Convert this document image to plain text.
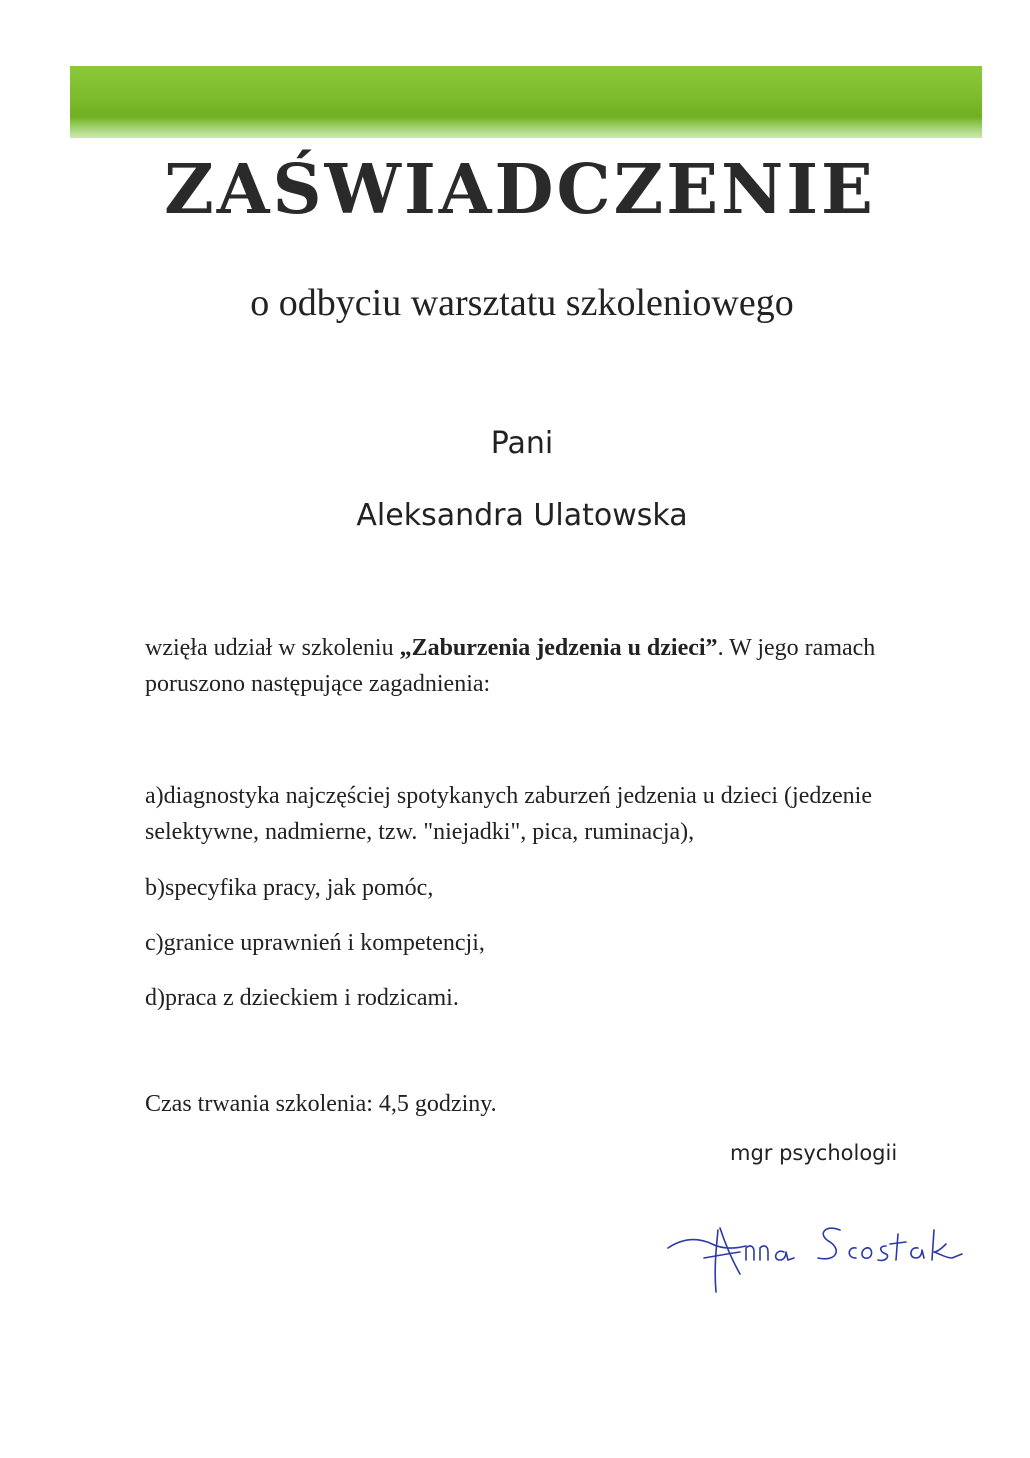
ZAŚWIADCZENIE
o odbyciu warsztatu szkoleniowego
Pani
Aleksandra Ulatowska

wzięła udział w szkoleniu „Zaburzenia jedzenia u dzieci”. W jego ramach poruszono następujące zagadnienia:

a)diagnostyka najczęściej spotykanych zaburzeń jedzenia u dzieci (jedzenie selektywne, nadmierne, tzw. "niejadki", pica, ruminacja),

b)specyfika pracy, jak pomóc,

c)granice uprawnień i kompetencji,

d)praca z dzieckiem i rodzicami.

Czas trwania szkolenia: 4,5 godziny.

mgr psychologii
